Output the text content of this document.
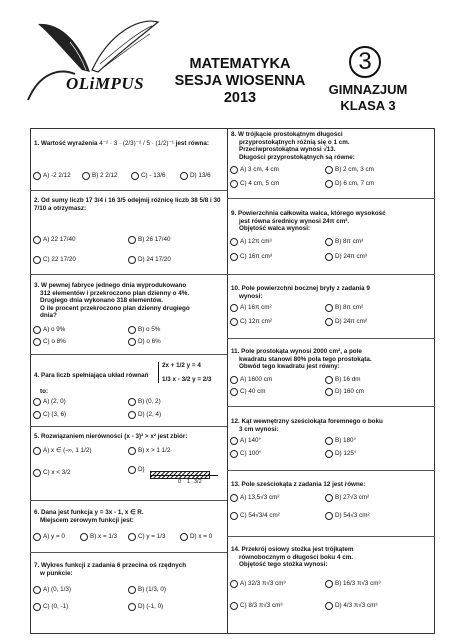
OLiMPUS
MATEMATYKA
SESJA WIOSENNA
2013
3
GIMNAZJUM
KLASA 3
1. Wartość wyrażenia 4⁻² · 3 · (2/3)⁻² / 5 · (1/2)⁻¹ jest równa:
A) -2 2/12	B) 2 2/12	C) - 13/6	D) 13/6
2. Od sumy liczb 17 3/4 i 16 3/5 odejmij różnicę liczb 38 5/8 i 30 7/10 a otrzymasz:
A) 22 17/40	B) 26 17/40
C) 22 17/20	D) 24 17/20
3. W pewnej fabryce jednego dnia wyprodukowano
312 elementów i przekroczono plan dzienny o 4%.
Drugiego dnia wykonano 318 elementów.
O ile procent przekroczono plan dzienny drugiego
dnia?
A) o 9%	B) o 5%
C) o 8%	D) o 6%
4. Para liczb spełniająca układ równań
2x + 1/2 y = 4
1/3 x - 3/2 y = 2/3
to:
A) (2, 0)	B) (0, 2)
C) (3, 6)	D) (2, 4)
5. Rozwiązaniem nierówności (x - 3)² > x² jest zbiór:
A) x ∈ (-∞, 1 1/2)	B) x > 1 1/2
C) x < 3/2	D)
0 1 3/2
6. Dana jest funkcja y = 3x - 1, x ∈ R.
Miejscem zerowym funkcji jest:
A) y = 0	B) x = 1/3	C) y = 1/3	D) x = 0
7. Wykres funkcji z zadania 6 przecina oś rzędnych
w punkcie:
A) (0, 1/3)	B) (1/3, 0)
C) (0, -1)	D) (-1, 0)
8. W trójkącie prostokątnym długości
przyprostokątnych różnią się o 1 cm.
Przeciwprostokątna wynosi √13.
Długości przyprostokątnych są równe:
A) 3 cm, 4 cm	B) 2 cm, 3 cm
C) 4 cm, 5 cm	D) 6 cm, 7 cm
9. Powierzchnia całkowita walca, którego wysokość
jest równa średnicy wynosi 24π cm².
Objętość walca wynosi:
A) 12π cm³	B) 8π cm³
C) 16π cm³	D) 24π cm³
10. Pole powierzchni bocznej bryły z zadania 9
wynosi:
A) 16π cm²	B) 8π cm²
C) 12π cm²	D) 24π cm²
11. Pole prostokąta wynosi 2000 cm², a pole
kwadratu stanowi 80% pola tego prostokąta.
Obwód tego kwadratu jest równy:
A) 1600 cm	B) 16 dm
C) 40 cm	D) 160 cm
12. Kąt wewnętrzny sześciokąta foremnego o boku
3 cm wynosi:
A) 140°	B) 180°
C) 100°	D) 125°
13. Pole sześciokąta z zadania 12 jest równe:
A) 13,5√3 cm²	B) 27√3 cm²
C) 54√3/4 cm²	D) 54√3 cm²
14. Przekrój osiowy stożka jest trójkątem
równobocznym o długości boku 4 cm.
Objętość tego stożka wynosi:
A) 32/3 π√3 cm³	B) 16/3 π√3 cm³
C) 8/3 π√3 cm³	D) 4/3 π√3 cm³
